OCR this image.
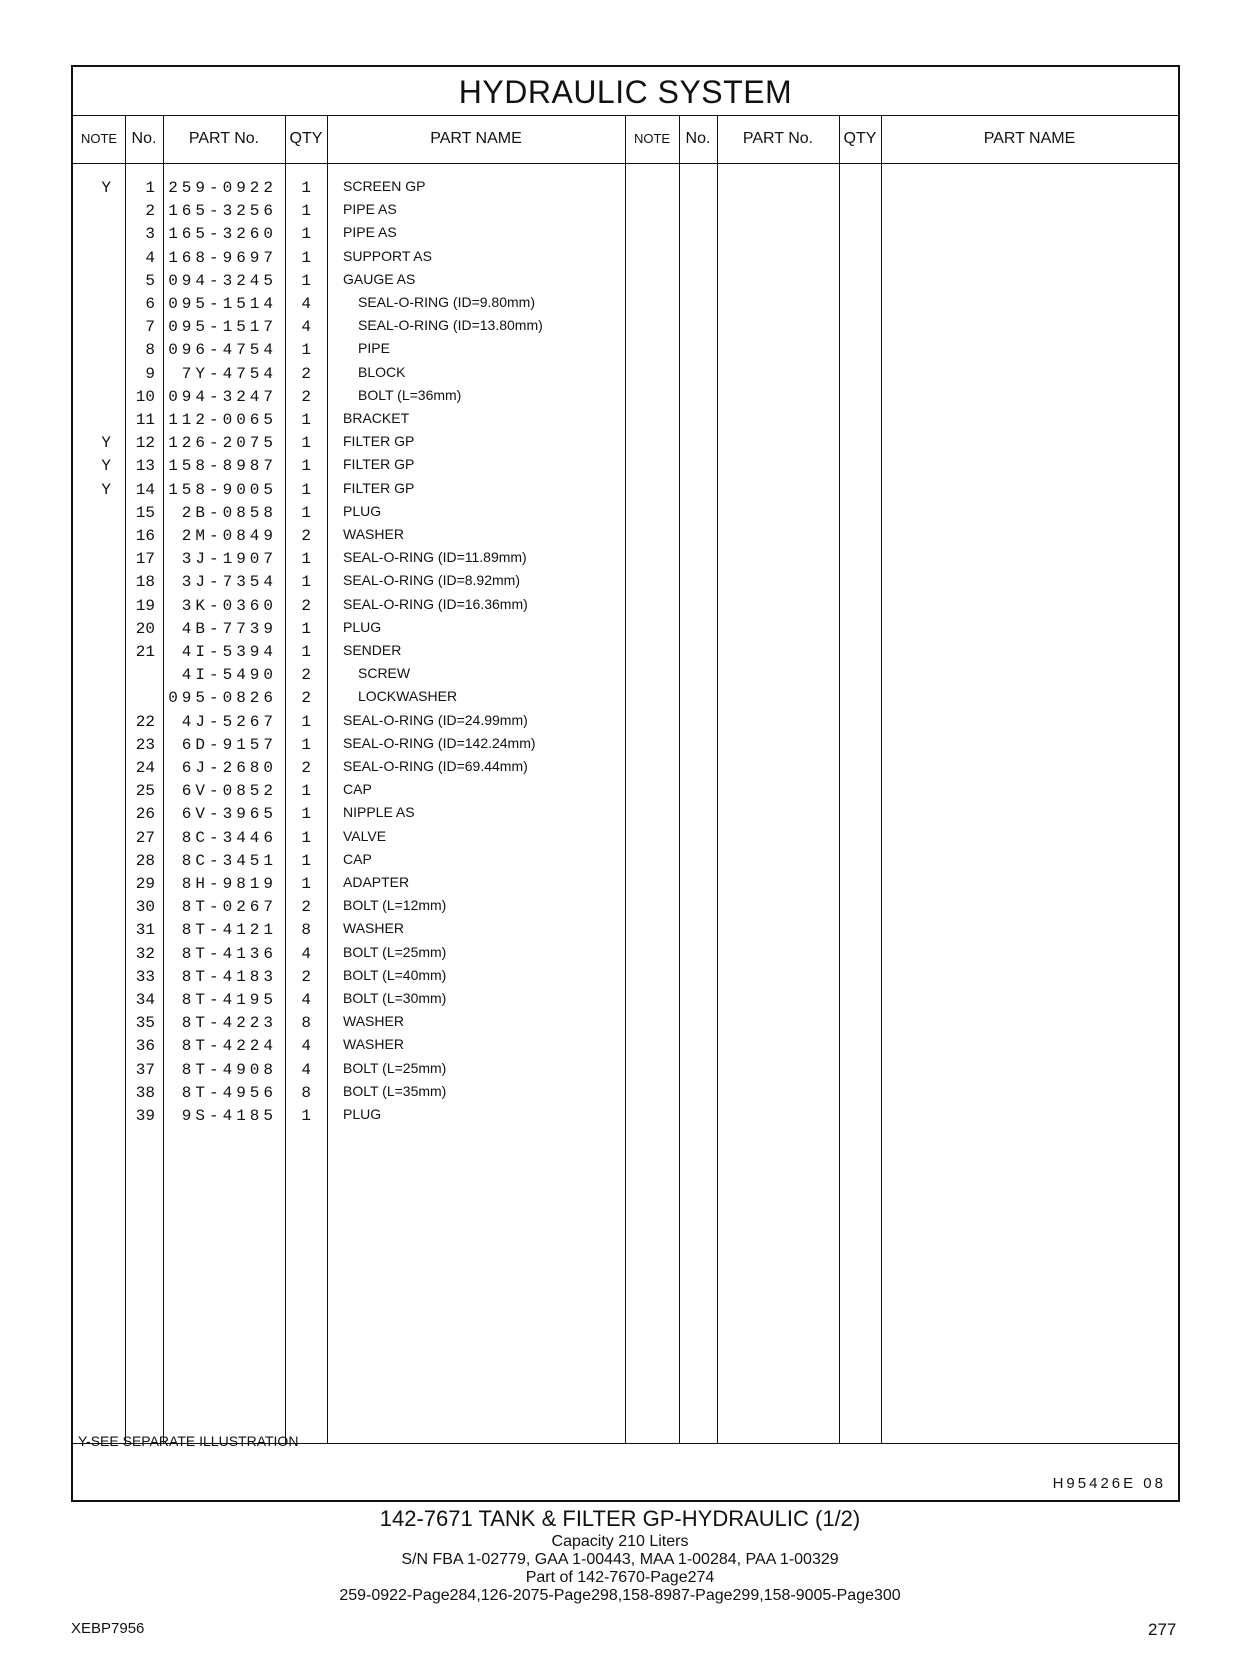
HYDRAULIC SYSTEM
NOTE No.	PART No.	QTY	PART NAME	NOTE No.	PART No.	QTY	PART NAME
Y	1 259-0922	1 SCREEN GP
2 165-3256	1 PIPE AS
3 165-3260	1 PIPE AS
4 168-9697	1 SUPPORT AS
5 094-3245	1 GAUGE AS
6 095-1514	4	SEAL-O-RING (ID=9.80mm)
7 095-1517	4	SEAL-O-RING (ID=13.80mm)
8 096-4754	1	PIPE
9	7Y-4754	2	BLOCK
10 094-3247	2	BOLT (L=36mm)
11 112-0065	1 BRACKET
Y	12 126-2075	1 FILTER GP
Y	13 158-8987	1 FILTER GP
Y	14 158-9005	1 FILTER GP
15	2B-0858	1 PLUG
16	2M-0849	2 WASHER
17	3J-1907	1 SEAL-O-RING (ID=11.89mm)
18	3J-7354	1 SEAL-O-RING (ID=8.92mm)
19	3K-0360	2 SEAL-O-RING (ID=16.36mm)
20	4B-7739	1 PLUG
21	4I-5394	1 SENDER
4I-5490	2	SCREW
095-0826	2	LOCKWASHER
22	4J-5267	1 SEAL-O-RING (ID=24.99mm)
23	6D-9157	1 SEAL-O-RING (ID=142.24mm)
24	6J-2680	2 SEAL-O-RING (ID=69.44mm)
25	6V-0852	1 CAP
26	6V-3965	1 NIPPLE AS
27	8C-3446	1 VALVE
28	8C-3451	1 CAP
29	8H-9819	1 ADAPTER
30	8T-0267	2 BOLT (L=12mm)
31	8T-4121	8 WASHER
32	8T-4136	4 BOLT (L=25mm)
33	8T-4183	2 BOLT (L=40mm)
34	8T-4195	4 BOLT (L=30mm)
35	8T-4223	8 WASHER
36	8T-4224	4 WASHER
37	8T-4908	4 BOLT (L=25mm)
38	8T-4956	8 BOLT (L=35mm)
39	9S-4185	1 PLUG
Y-SEE SEPARATE ILLUSTRATION
H95426E 08
142-7671 TANK & FILTER GP-HYDRAULIC (1/2)
Capacity 210 Liters
S/N FBA 1-02779, GAA 1-00443, MAA 1-00284, PAA 1-00329
Part of 142-7670-Page274
259-0922-Page284,126-2075-Page298,158-8987-Page299,158-9005-Page300
XEBP7956	277
